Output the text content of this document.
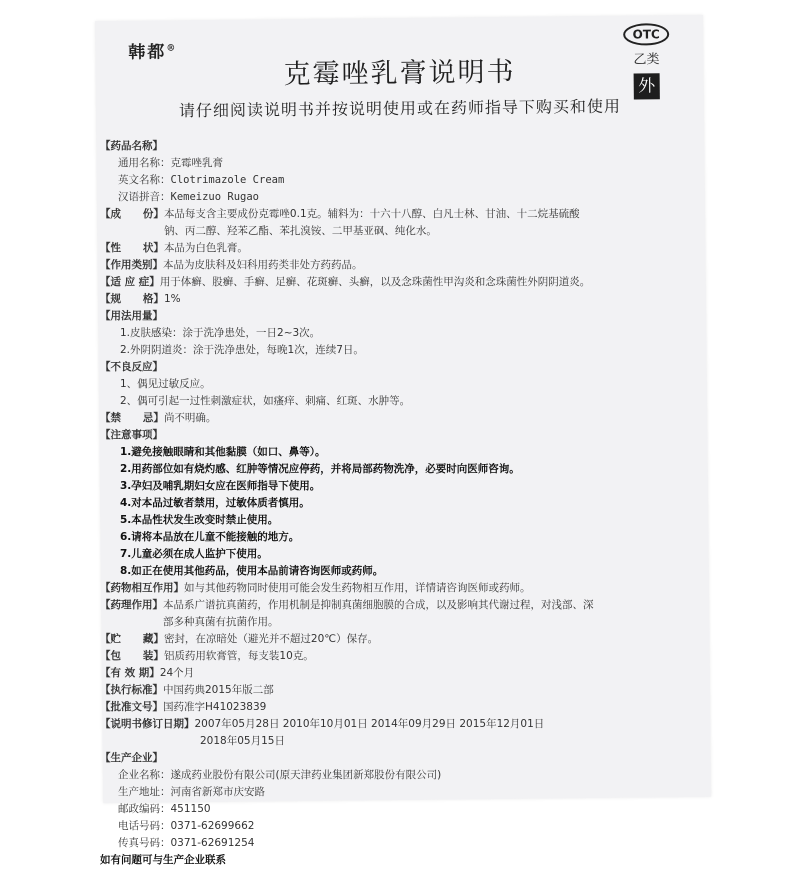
韩都®
克霉唑乳膏说明书
OTC
乙类
外
请仔细阅读说明书并按说明使用或在药师指导下购买和使用
【药品名称】
通用名称：克霉唑乳膏
英文名称：Clotrimazole Cream
汉语拼音：Kemeizuo Rugao
【成      份】 本品每支含主要成份克霉唑0.1克。辅料为：十六十八醇、白凡士林、甘油、十二烷基硫酸钠、丙二醇、羟苯乙酯、苯扎溴铵、二甲基亚砜、纯化水。
【性      状】 本品为白色乳膏。
【作用类别】 本品为皮肤科及妇科用药类非处方药药品。
【适 应 症】 用于体癣、股癣、手癣、足癣、花斑癣、头癣，以及念珠菌性甲沟炎和念珠菌性外阴阴道炎。
【规      格】 1%
【用法用量】
1.皮肤感染：涂于洗净患处，一日2~3次。
2.外阴阴道炎：涂于洗净患处，每晚1次，连续7日。
【不良反应】
1、偶见过敏反应。
2、偶可引起一过性刺激症状，如瘙痒、刺痛、红斑、水肿等。
【禁      忌】 尚不明确。
【注意事项】
1.避免接触眼睛和其他黏膜（如口、鼻等）。
2.用药部位如有烧灼感、红肿等情况应停药，并将局部药物洗净，必要时向医师咨询。
3.孕妇及哺乳期妇女应在医师指导下使用。
4.对本品过敏者禁用，过敏体质者慎用。
5.本品性状发生改变时禁止使用。
6.请将本品放在儿童不能接触的地方。
7.儿童必须在成人监护下使用。
8.如正在使用其他药品，使用本品前请咨询医师或药师。
【药物相互作用】 如与其他药物同时使用可能会发生药物相互作用，详情请咨询医师或药师。
【药理作用】 本品系广谱抗真菌药，作用机制是抑制真菌细胞膜的合成，以及影响其代谢过程，对浅部、深部多种真菌有抗菌作用。
【贮      藏】 密封，在凉暗处（避光并不超过20℃）保存。
【包      装】 铝质药用软膏管，每支装10克。
【有 效 期】 24个月
【执行标准】 中国药典2015年版二部
【批准文号】 国药准字H41023839
【说明书修订日期】 2007年05月28日 2010年10月01日 2014年09月29日 2015年12月01日
2018年05月15日
【生产企业】
企业名称：遂成药业股份有限公司(原天津药业集团新郑股份有限公司)
生产地址：河南省新郑市庆安路
邮政编码：451150
电话号码：0371-62699662
传真号码：0371-62691254
如有问题可与生产企业联系
